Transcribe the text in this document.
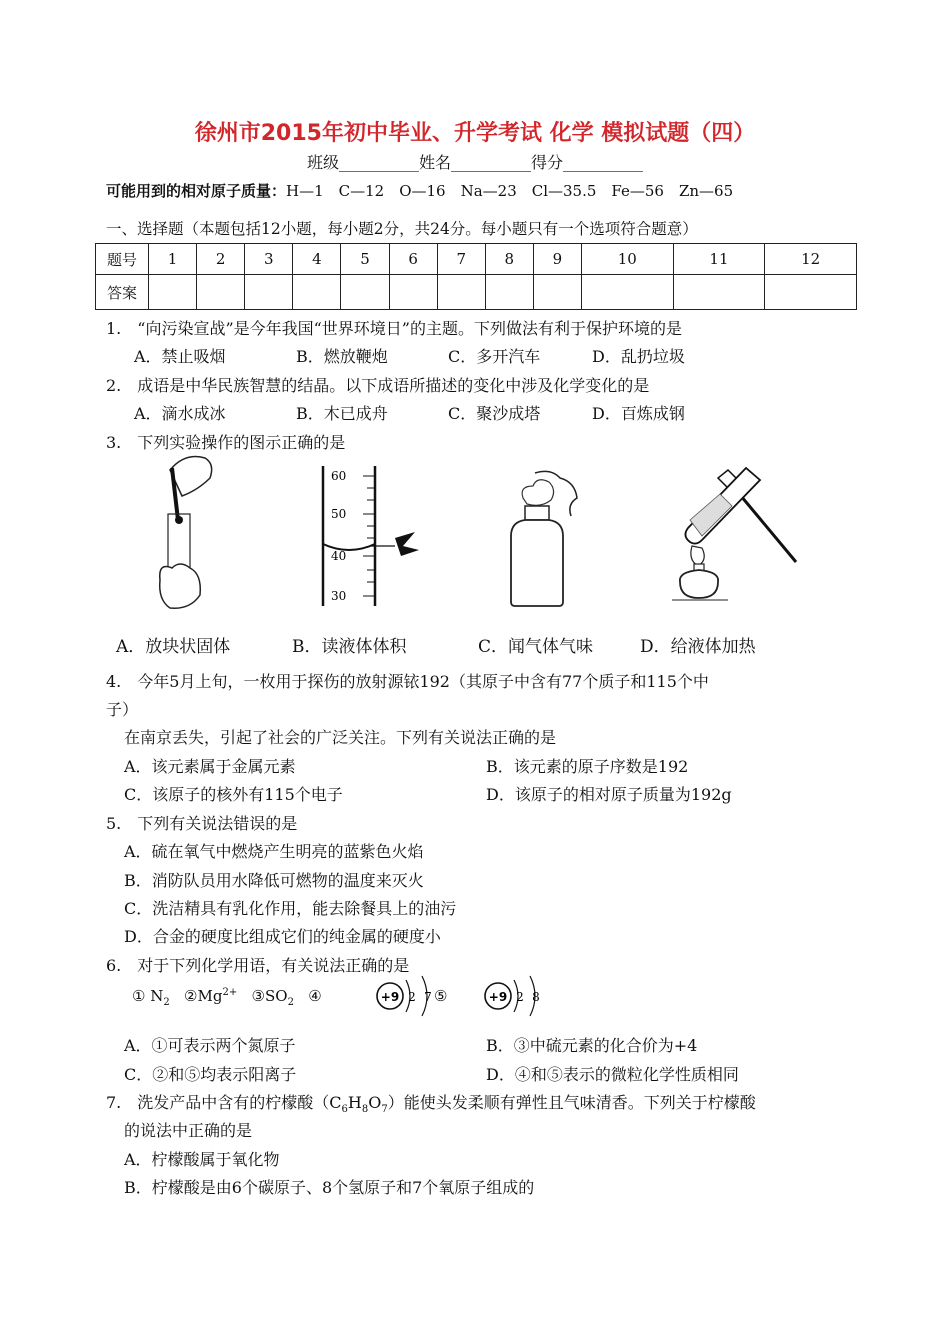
徐州市2015年初中毕业、升学考试 化学 模拟试题（四）
班级__________姓名__________得分__________
可能用到的相对原子质量：H—1　C—12　O—16　Na—23　Cl—35.5　Fe—56　Zn—65
一、选择题（本题包括12小题，每小题2分，共24分。每小题只有一个选项符合题意）
题号	1	2	3	4	5	6	7	8	9	10	11	12
答案												
1.　“向污染宣战”是今年我国“世界环境日”的主题。下列做法有利于保护环境的是
A．禁止吸烟	B．燃放鞭炮	C．多开汽车	D．乱扔垃圾
2.　成语是中华民族智慧的结晶。以下成语所描述的变化中涉及化学变化的是
A．滴水成冰	B．木已成舟	C．聚沙成塔	D．百炼成钢
3.　下列实验操作的图示正确的是
60
50
40
30
A．放块状固体	B．读液体体积	C．闻气体气味	D．给液体加热
4.　今年5月上旬，一枚用于探伤的放射源铱192（其原子中含有77个质子和115个中
子）
在南京丢失，引起了社会的广泛关注。下列有关说法正确的是
A．该元素属于金属元素	B．该元素的原子序数是192
C．该原子的核外有115个电子	D．该原子的相对原子质量为192g
5.　下列有关说法错误的是
A．硫在氧气中燃烧产生明亮的蓝紫色火焰
B．消防队员用水降低可燃物的温度来灭火
C．洗洁精具有乳化作用，能去除餐具上的油污
D．合金的硬度比组成它们的纯金属的硬度小
6.　对于下列化学用语，有关说法正确的是
① $N_2$ $②Mg^{2+}$ $③SO_2$ ④	+9 2 7 ⑤	+9 2 8
A．①可表示两个氮原子	B．③中硫元素的化合价为+4
C．②和⑤均表示阳离子	D．④和⑤表示的微粒化学性质相同
7.　洗发产品中含有的柠檬酸$(C_6H_8O_7)$能使头发柔顺有弹性且气味清香。下列关于柠檬酸
的说法中正确的是
A．柠檬酸属于氧化物
B．柠檬酸是由6个碳原子、8个氢原子和7个氧原子组成的
